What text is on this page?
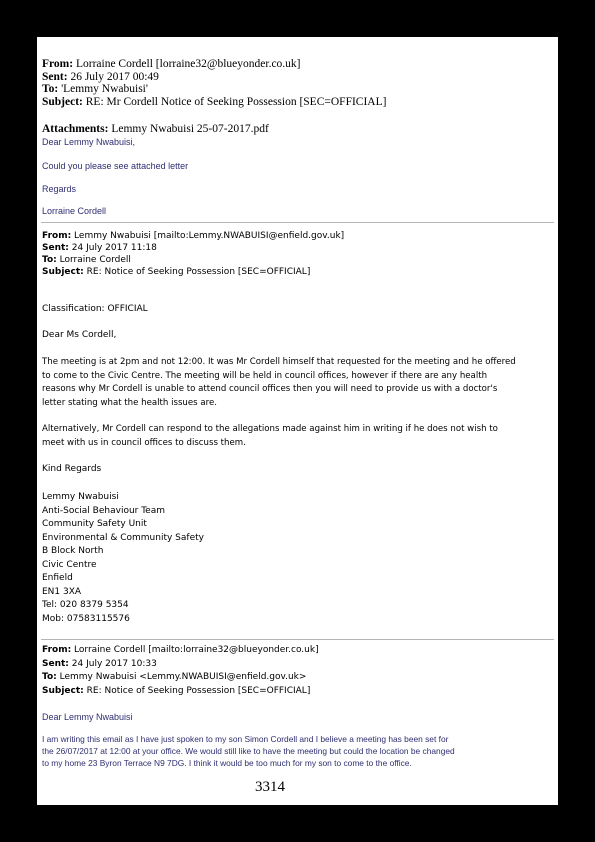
From: Lorraine Cordell [lorraine32@blueyonder.co.uk]
Sent: 26 July 2017 00:49
To: 'Lemmy Nwabuisi'
Subject: RE: Mr Cordell Notice of Seeking Possession [SEC=OFFICIAL]
Attachments: Lemmy Nwabuisi 25-07-2017.pdf
Dear Lemmy Nwabuisi,
Could you please see attached letter
Regards
Lorraine Cordell
From: Lemmy Nwabuisi [mailto:Lemmy.NWABUISI@enfield.gov.uk]
Sent: 24 July 2017 11:18
To: Lorraine Cordell
Subject: RE: Notice of Seeking Possession [SEC=OFFICIAL]
Classification: OFFICIAL
Dear Ms Cordell,
The meeting is at 2pm and not 12:00. It was Mr Cordell himself that requested for the meeting and he offered
to come to the Civic Centre. The meeting will be held in council offices, however if there are any health
reasons why Mr Cordell is unable to attend council offices then you will need to provide us with a doctor's
letter stating what the health issues are.
Alternatively, Mr Cordell can respond to the allegations made against him in writing if he does not wish to
meet with us in council offices to discuss them.
Kind Regards
Lemmy Nwabuisi
Anti-Social Behaviour Team
Community Safety Unit
Environmental & Community Safety
B Block North
Civic Centre
Enfield
EN1 3XA
Tel: 020 8379 5354
Mob: 07583115576
From: Lorraine Cordell [mailto:lorraine32@blueyonder.co.uk]
Sent: 24 July 2017 10:33
To: Lemmy Nwabuisi <Lemmy.NWABUISI@enfield.gov.uk>
Subject: RE: Notice of Seeking Possession [SEC=OFFICIAL]
Dear Lemmy Nwabuisi
I am writing this email as I have just spoken to my son Simon Cordell and I believe a meeting has been set for
the 26/07/2017 at 12:00 at your office. We would still like to have the meeting but could the location be changed
to my home 23 Byron Terrace N9 7DG. I think it would be too much for my son to come to the office.
3314
